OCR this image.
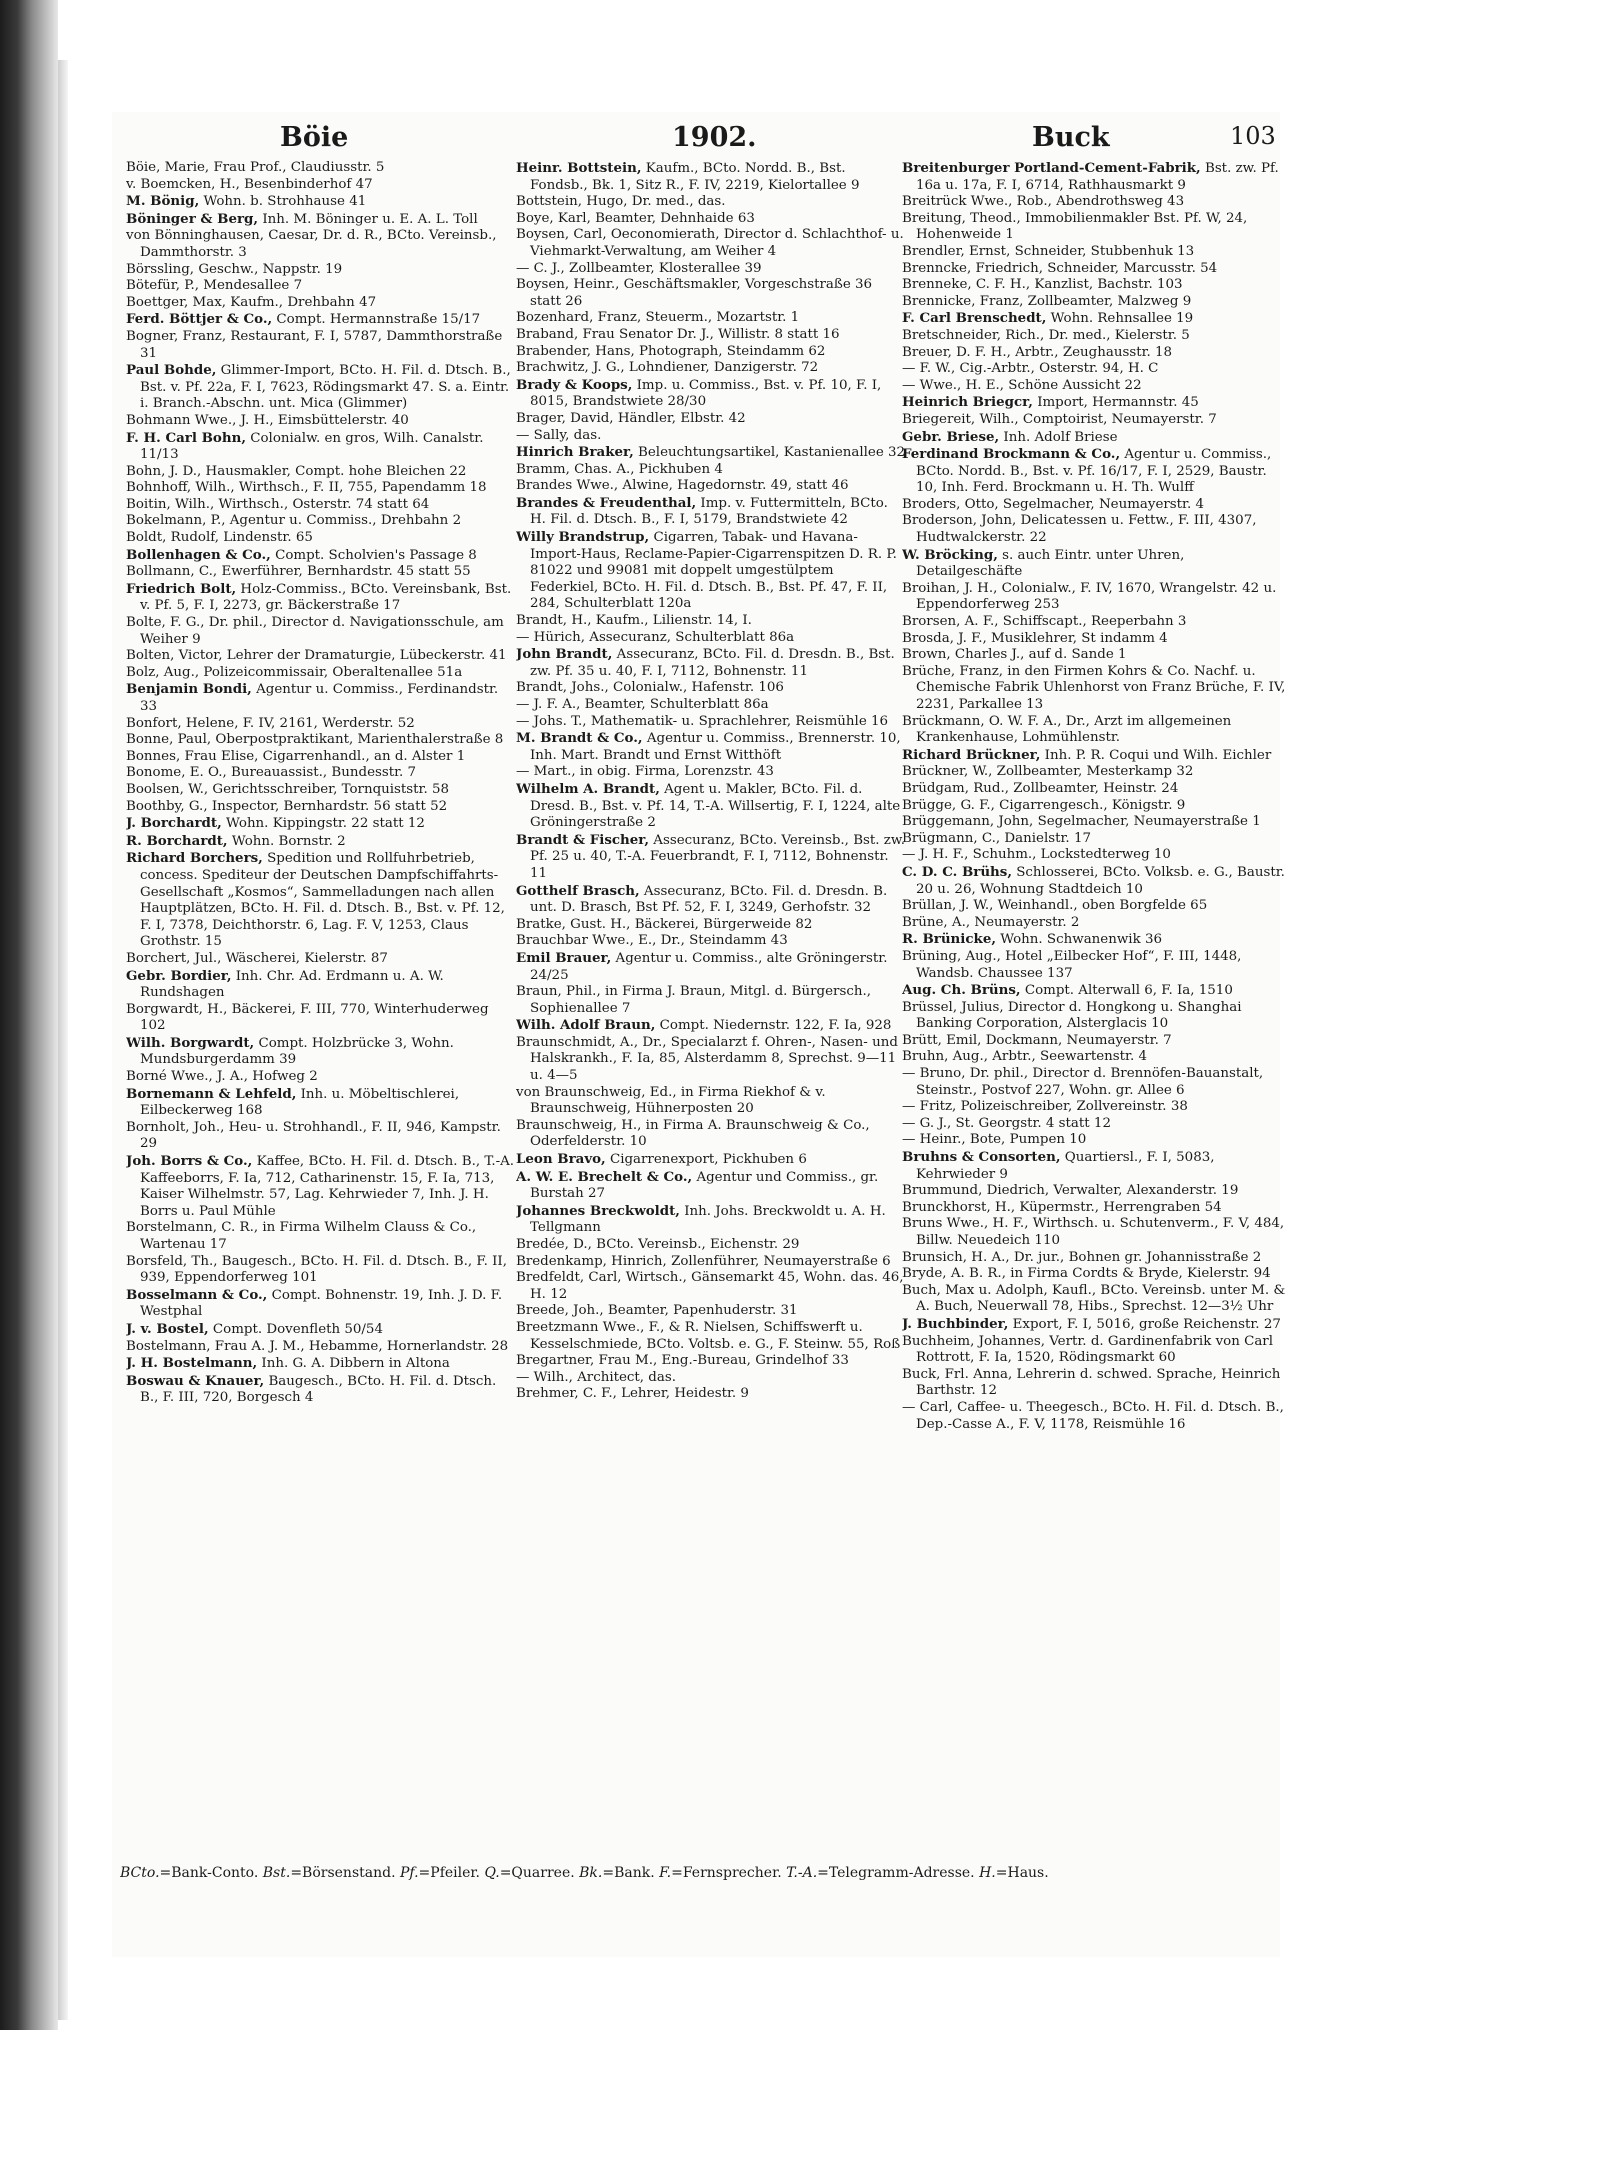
Böie	1902.	Buck	103

Böie, Marie, Frau Prof., Claudiusstr. 5

v. Boemcken, H., Besenbinderhof 47

M. Bönig, Wohn. b. Strohhause 41

Böninger & Berg, Inh. M. Böninger u. E. A. L. Toll

von Bönninghausen, Caesar, Dr. d. R., BCto. Vereinsb., Dammthorstr. 3

Börssling, Geschw., Nappstr. 19

Bötefür, P., Mendesallee 7

Boettger, Max, Kaufm., Drehbahn 47

Ferd. Böttjer & Co., Compt. Hermannstraße 15/17

Bogner, Franz, Restaurant, F. I, 5787, Dammthorstraße 31

Paul Bohde, Glimmer-Import, BCto. H. Fil. d. Dtsch. B., Bst. v. Pf. 22a, F. I, 7623, Rödingsmarkt 47. S. a. Eintr. i. Branch.-Abschn. unt. Mica (Glimmer)

Bohmann Wwe., J. H., Eimsbüttelerstr. 40

F. H. Carl Bohn, Colonialw. en gros, Wilh. Canalstr. 11/13

Bohn, J. D., Hausmakler, Compt. hohe Bleichen 22

Bohnhoff, Wilh., Wirthsch., F. II, 755, Papendamm 18

Boitin, Wilh., Wirthsch., Osterstr. 74 statt 64

Bokelmann, P., Agentur u. Commiss., Drehbahn 2

Boldt, Rudolf, Lindenstr. 65

Bollenhagen & Co., Compt. Scholvien's Passage 8

Bollmann, C., Ewerführer, Bernhardstr. 45 statt 55

Friedrich Bolt, Holz-Commiss., BCto. Vereinsbank, Bst. v. Pf. 5, F. I, 2273, gr. Bäckerstraße 17

Bolte, F. G., Dr. phil., Director d. Navigationsschule, am Weiher 9

Bolten, Victor, Lehrer der Dramaturgie, Lübeckerstr. 41

Bolz, Aug., Polizeicommissair, Oberaltenallee 51a

Benjamin Bondi, Agentur u. Commiss., Ferdinandstr. 33

Bonfort, Helene, F. IV, 2161, Werderstr. 52

Bonne, Paul, Oberpostpraktikant, Marienthalerstraße 8

Bonnes, Frau Elise, Cigarrenhandl., an d. Alster 1

Bonome, E. O., Bureauassist., Bundesstr. 7

Boolsen, W., Gerichtsschreiber, Tornquiststr. 58

Boothby, G., Inspector, Bernhardstr. 56 statt 52

J. Borchardt, Wohn. Kippingstr. 22 statt 12

R. Borchardt, Wohn. Bornstr. 2

Richard Borchers, Spedition und Rollfuhrbetrieb, concess. Spediteur der Deutschen Dampfschiffahrts-Gesellschaft „Kosmos“, Sammelladungen nach allen Hauptplätzen, BCto. H. Fil. d. Dtsch. B., Bst. v. Pf. 12, F. I, 7378, Deichthorstr. 6, Lag. F. V, 1253, Claus Grothstr. 15

Borchert, Jul., Wäscherei, Kielerstr. 87

Gebr. Bordier, Inh. Chr. Ad. Erdmann u. A. W. Rundshagen

Borgwardt, H., Bäckerei, F. III, 770, Winterhuderweg 102

Wilh. Borgwardt, Compt. Holzbrücke 3, Wohn. Mundsburgerdamm 39

Borné Wwe., J. A., Hofweg 2

Bornemann & Lehfeld, Inh. u. Möbeltischlerei, Eilbeckerweg 168

Bornholt, Joh., Heu- u. Strohhandl., F. II, 946, Kampstr. 29

Joh. Borrs & Co., Kaffee, BCto. H. Fil. d. Dtsch. B., T.-A. Kaffeeborrs, F. Ia, 712, Catharinenstr. 15, F. Ia, 713, Kaiser Wilhelmstr. 57, Lag. Kehrwieder 7, Inh. J. H. Borrs u. Paul Mühle

Borstelmann, C. R., in Firma Wilhelm Clauss & Co., Wartenau 17

Borsfeld, Th., Baugesch., BCto. H. Fil. d. Dtsch. B., F. II, 939, Eppendorferweg 101

Bosselmann & Co., Compt. Bohnenstr. 19, Inh. J. D. F. Westphal

J. v. Bostel, Compt. Dovenfleth 50/54

Bostelmann, Frau A. J. M., Hebamme, Hornerlandstr. 28

J. H. Bostelmann, Inh. G. A. Dibbern in Altona

Boswau & Knauer, Baugesch., BCto. H. Fil. d. Dtsch. B., F. III, 720, Borgesch 4

Heinr. Bottstein, Kaufm., BCto. Nordd. B., Bst. Fondsb., Bk. 1, Sitz R., F. IV, 2219, Kielortallee 9

Bottstein, Hugo, Dr. med., das.

Boye, Karl, Beamter, Dehnhaide 63

Boysen, Carl, Oeconomierath, Director d. Schlachthof- u. Viehmarkt-Verwaltung, am Weiher 4

— C. J., Zollbeamter, Klosterallee 39

Boysen, Heinr., Geschäftsmakler, Vorgeschstraße 36 statt 26

Bozenhard, Franz, Steuerm., Mozartstr. 1

Braband, Frau Senator Dr. J., Willistr. 8 statt 16

Brabender, Hans, Photograph, Steindamm 62

Brachwitz, J. G., Lohndiener, Danzigerstr. 72

Brady & Koops, Imp. u. Commiss., Bst. v. Pf. 10, F. I, 8015, Brandstwiete 28/30

Brager, David, Händler, Elbstr. 42

— Sally, das.

Hinrich Braker, Beleuchtungsartikel, Kastanienallee 32

Bramm, Chas. A., Pickhuben 4

Brandes Wwe., Alwine, Hagedornstr. 49, statt 46

Brandes & Freudenthal, Imp. v. Futtermitteln, BCto. H. Fil. d. Dtsch. B., F. I, 5179, Brandstwiete 42

Willy Brandstrup, Cigarren, Tabak- und Havana-Import-Haus, Reclame-Papier-Cigarrenspitzen D. R. P. 81022 und 99081 mit doppelt umgestülptem Federkiel, BCto. H. Fil. d. Dtsch. B., Bst. Pf. 47, F. II, 284, Schulterblatt 120a

Brandt, H., Kaufm., Lilienstr. 14, I.

— Hürich, Assecuranz, Schulterblatt 86a

John Brandt, Assecuranz, BCto. Fil. d. Dresdn. B., Bst. zw. Pf. 35 u. 40, F. I, 7112, Bohnenstr. 11

Brandt, Johs., Colonialw., Hafenstr. 106

— J. F. A., Beamter, Schulterblatt 86a

— Johs. T., Mathematik- u. Sprachlehrer, Reismühle 16

M. Brandt & Co., Agentur u. Commiss., Brennerstr. 10, Inh. Mart. Brandt und Ernst Witthöft

— Mart., in obig. Firma, Lorenzstr. 43

Wilhelm A. Brandt, Agent u. Makler, BCto. Fil. d. Dresd. B., Bst. v. Pf. 14, T.-A. Willsertig, F. I, 1224, alte Gröningerstraße 2

Brandt & Fischer, Assecuranz, BCto. Vereinsb., Bst. zw. Pf. 25 u. 40, T.-A. Feuerbrandt, F. I, 7112, Bohnenstr. 11

Gotthelf Brasch, Assecuranz, BCto. Fil. d. Dresdn. B. unt. D. Brasch, Bst Pf. 52, F. I, 3249, Gerhofstr. 32

Bratke, Gust. H., Bäckerei, Bürgerweide 82

Brauchbar Wwe., E., Dr., Steindamm 43

Emil Brauer, Agentur u. Commiss., alte Gröningerstr. 24/25

Braun, Phil., in Firma J. Braun, Mitgl. d. Bürgersch., Sophienallee 7

Wilh. Adolf Braun, Compt. Niedernstr. 122, F. Ia, 928

Braunschmidt, A., Dr., Specialarzt f. Ohren-, Nasen- und Halskrankh., F. Ia, 85, Alsterdamm 8, Sprechst. 9—11 u. 4—5

von Braunschweig, Ed., in Firma Riekhof & v. Braunschweig, Hühnerposten 20

Braunschweig, H., in Firma A. Braunschweig & Co., Oderfelderstr. 10

Leon Bravo, Cigarrenexport, Pickhuben 6

A. W. E. Brechelt & Co., Agentur und Commiss., gr. Burstah 27

Johannes Breckwoldt, Inh. Johs. Breckwoldt u. A. H. Tellgmann

Bredée, D., BCto. Vereinsb., Eichenstr. 29

Bredenkamp, Hinrich, Zollenführer, Neumayerstraße 6

Bredfeldt, Carl, Wirtsch., Gänsemarkt 45, Wohn. das. 46, H. 12

Breede, Joh., Beamter, Papenhuderstr. 31

Breetzmann Wwe., F., & R. Nielsen, Schiffswerft u. Kesselschmiede, BCto. Voltsb. e. G., F. Steinw. 55, Roß

Bregartner, Frau M., Eng.-Bureau, Grindelhof 33

— Wilh., Architect, das.

Brehmer, C. F., Lehrer, Heidestr. 9

Breitenburger Portland-Cement-Fabrik, Bst. zw. Pf. 16a u. 17a, F. I, 6714, Rathhausmarkt 9

Breitrück Wwe., Rob., Abendrothsweg 43

Breitung, Theod., Immobilienmakler Bst. Pf. W, 24, Hohenweide 1

Brendler, Ernst, Schneider, Stubbenhuk 13

Brenncke, Friedrich, Schneider, Marcusstr. 54

Brenneke, C. F. H., Kanzlist, Bachstr. 103

Brennicke, Franz, Zollbeamter, Malzweg 9

F. Carl Brenschedt, Wohn. Rehnsallee 19

Bretschneider, Rich., Dr. med., Kielerstr. 5

Breuer, D. F. H., Arbtr., Zeughausstr. 18

— F. W., Cig.-Arbtr., Osterstr. 94, H. C

— Wwe., H. E., Schöne Aussicht 22

Heinrich Briegcr, Import, Hermannstr. 45

Briegereit, Wilh., Comptoirist, Neumayerstr. 7

Gebr. Briese, Inh. Adolf Briese

Ferdinand Brockmann & Co., Agentur u. Commiss., BCto. Nordd. B., Bst. v. Pf. 16/17, F. I, 2529, Baustr. 10, Inh. Ferd. Brockmann u. H. Th. Wulff

Broders, Otto, Segelmacher, Neumayerstr. 4

Broderson, John, Delicatessen u. Fettw., F. III, 4307, Hudtwalckerstr. 22

W. Bröcking, s. auch Eintr. unter Uhren, Detailgeschäfte

Broihan, J. H., Colonialw., F. IV, 1670, Wrangelstr. 42 u. Eppendorferweg 253

Brorsen, A. F., Schiffscapt., Reeperbahn 3

Brosda, J. F., Musiklehrer, St indamm 4

Brown, Charles J., auf d. Sande 1

Brüche, Franz, in den Firmen Kohrs & Co. Nachf. u. Chemische Fabrik Uhlenhorst von Franz Brüche, F. IV, 2231, Parkallee 13

Brückmann, O. W. F. A., Dr., Arzt im allgemeinen Krankenhause, Lohmühlenstr.

Richard Brückner, Inh. P. R. Coqui und Wilh. Eichler

Brückner, W., Zollbeamter, Mesterkamp 32

Brüdgam, Rud., Zollbeamter, Heinstr. 24

Brügge, G. F., Cigarrengesch., Königstr. 9

Brüggemann, John, Segelmacher, Neumayerstraße 1

Brügmann, C., Danielstr. 17

— J. H. F., Schuhm., Lockstedterweg 10

C. D. C. Brühs, Schlosserei, BCto. Volksb. e. G., Baustr. 20 u. 26, Wohnung Stadtdeich 10

Brüllan, J. W., Weinhandl., oben Borgfelde 65

Brüne, A., Neumayerstr. 2

R. Brünicke, Wohn. Schwanenwik 36

Brüning, Aug., Hotel „Eilbecker Hof“, F. III, 1448, Wandsb. Chaussee 137

Aug. Ch. Brüns, Compt. Alterwall 6, F. Ia, 1510

Brüssel, Julius, Director d. Hongkong u. Shanghai Banking Corporation, Alsterglacis 10

Brütt, Emil, Dockmann, Neumayerstr. 7

Bruhn, Aug., Arbtr., Seewartenstr. 4

— Bruno, Dr. phil., Director d. Brennöfen-Bauanstalt, Steinstr., Postvof 227, Wohn. gr. Allee 6

— Fritz, Polizeischreiber, Zollvereinstr. 38

— G. J., St. Georgstr. 4 statt 12

— Heinr., Bote, Pumpen 10

Bruhns & Consorten, Quartiersl., F. I, 5083, Kehrwieder 9

Brummund, Diedrich, Verwalter, Alexanderstr. 19

Brunckhorst, H., Küpermstr., Herrengraben 54

Bruns Wwe., H. F., Wirthsch. u. Schutenverm., F. V, 484, Billw. Neuedeich 110

Brunsich, H. A., Dr. jur., Bohnen gr. Johannisstraße 2

Bryde, A. B. R., in Firma Cordts & Bryde, Kielerstr. 94

Buch, Max u. Adolph, Kaufl., BCto. Vereinsb. unter M. & A. Buch, Neuerwall 78, Hibs., Sprechst. 12—3½ Uhr

J. Buchbinder, Export, F. I, 5016, große Reichenstr. 27

Buchheim, Johannes, Vertr. d. Gardinenfabrik von Carl Rottrott, F. Ia, 1520, Rödingsmarkt 60

Buck, Frl. Anna, Lehrerin d. schwed. Sprache, Heinrich Barthstr. 12

— Carl, Caffee- u. Theegesch., BCto. H. Fil. d. Dtsch. B., Dep.-Casse A., F. V, 1178, Reismühle 16

BCto.=Bank-Conto. Bst.=Börsenstand. Pf.=Pfeiler. Q.=Quarree. Bk.=Bank. F.=Fernsprecher. T.-A.=Telegramm-Adresse. H.=Haus.
